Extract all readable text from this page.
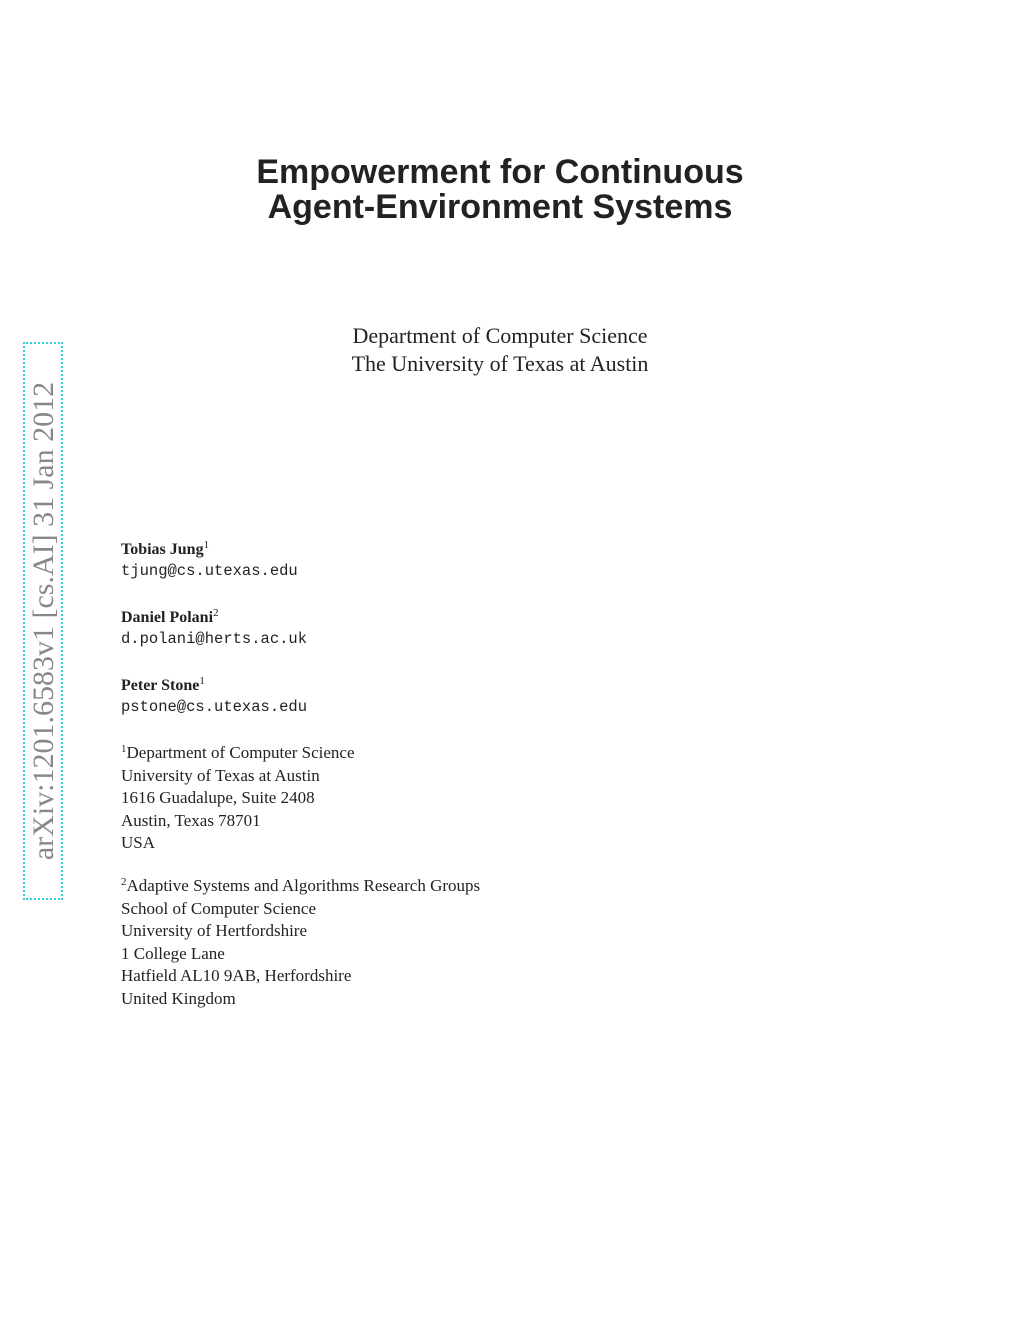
Empowerment for Continuous
Agent-Environment Systems
Department of Computer Science
The University of Texas at Austin
arXiv:1201.6583v1 [cs.AI] 31 Jan 2012	Tobias Jung$^1$
tjung@cs.utexas.edu
Daniel Polani$^2$
d.polani@herts.ac.uk
Peter Stone$^1$
pstone@cs.utexas.edu
$^1$Department of Computer Science
University of Texas at Austin
1616 Guadalupe, Suite 2408
Austin, Texas 78701
USA
$^2$Adaptive Systems and Algorithms Research Groups
School of Computer Science
University of Hertfordshire
1 College Lane
Hatfield AL10 9AB, Herfordshire
United Kingdom
